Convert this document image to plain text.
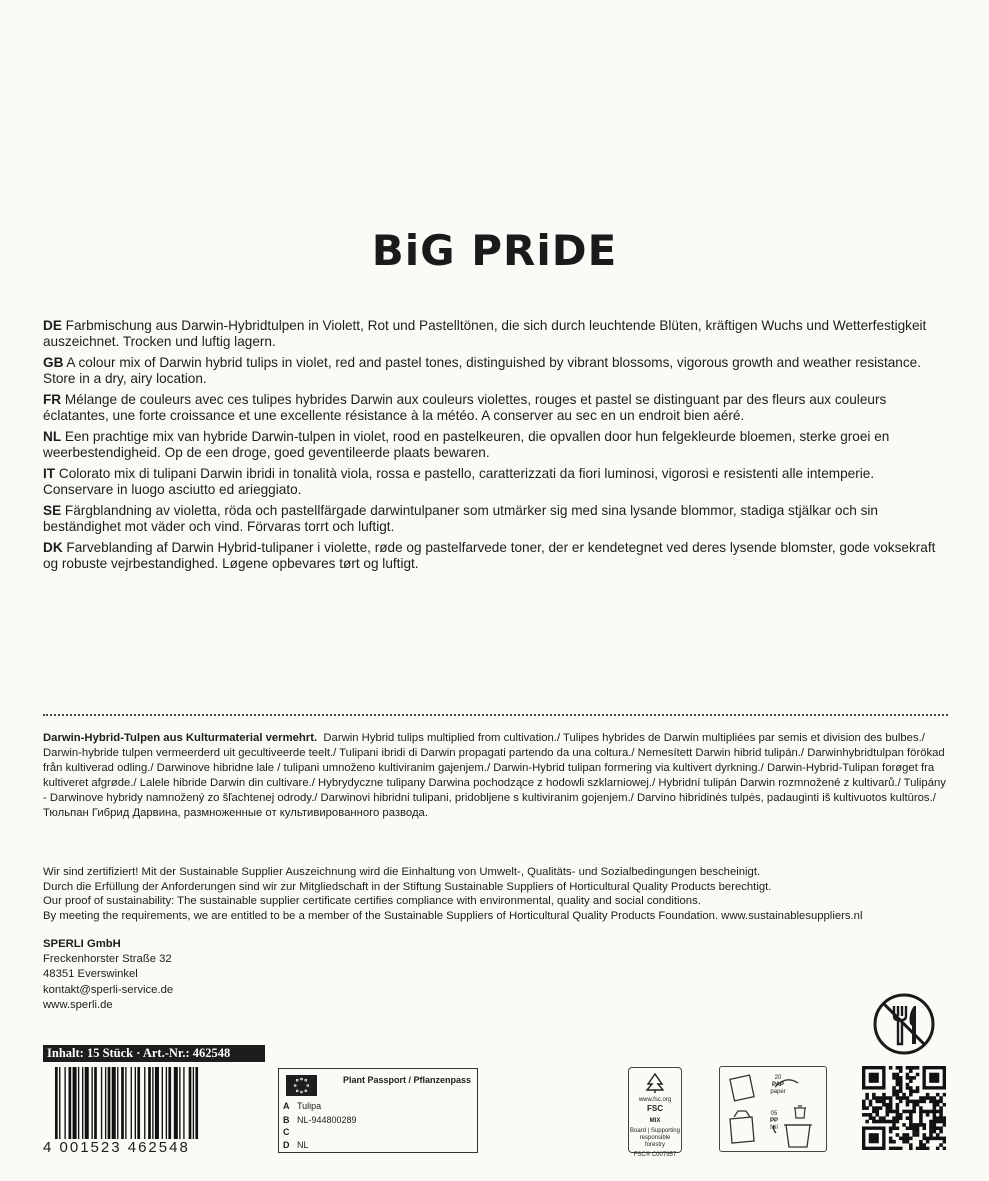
BiG PRiDE

DE Farbmischung aus Darwin-Hybridtulpen in Violett, Rot und Pastelltönen, die sich durch leuchtende Blüten, kräftigen Wuchs und Wetterfestigkeit auszeichnet. Trocken und luftig lagern.

GB A colour mix of Darwin hybrid tulips in violet, red and pastel tones, distinguished by vibrant blossoms, vigorous growth and weather resistance. Store in a dry, airy location.

FR Mélange de couleurs avec ces tulipes hybrides Darwin aux couleurs violettes, rouges et pastel se distinguant par des fleurs aux couleurs éclatantes, une forte croissance et une excellente résistance à la météo. A conserver au sec en un endroit bien aéré.

NL Een prachtige mix van hybride Darwin-tulpen in violet, rood en pastelkeuren, die opvallen door hun felgekleurde bloemen, sterke groei en weerbestendigheid. Op de een droge, goed geventileerde plaats bewaren.

IT Colorato mix di tulipani Darwin ibridi in tonalità viola, rossa e pastello, caratterizzati da fiori luminosi, vigorosi e resistenti alle intemperie. Conservare in luogo asciutto ed arieggiato.

SE Färgblandning av violetta, röda och pastellfärgade darwintulpaner som utmärker sig med sina lysande blommor, stadiga stjälkar och sin beständighet mot väder och vind. Förvaras torrt och luftigt.

DK Farveblanding af Darwin Hybrid-tulipaner i violette, røde og pastelfarvede toner, der er kendetegnet ved deres lysende blomster, gode voksekraft og robuste vejrbestandighed. Løgene opbevares tørt og luftigt.

Darwin-Hybrid-Tulpen aus Kulturmaterial vermehrt. Darwin Hybrid tulips multiplied from cultivation./ Tulipes hybrides de Darwin multipliées par semis et division des bulbes./ Darwin-hybride tulpen vermeerderd uit gecultiveerde teelt./ Tulipani ibridi di Darwin propagati partendo da una coltura./ Nemesített Darwin hibrid tulipán./ Darwinhybridtulpan förökad från kultiverad odling./ Darwinove hibridne lale / tulipani umnoženo kultiviranim gajenjem./ Darwin-Hybrid tulipan formering via kultivert dyrkning./ Darwin-Hybrid-Tulipan forøget fra kultiveret afgrøde./ Lalele hibride Darwin din cultivare./ Hybrydyczne tulipany Darwina pochodzące z hodowli szklarniowej./ Hybridní tulipán Darwin rozmnožené z kultivarů./ Tulipány - Darwinove hybridy namnožený zo šľachtenej odrody./ Darwinovi hibridni tulipani, pridobljene s kultiviranim gojenjem./ Darvino hibridinės tulpės, padauginti iš kultivuotos kultūros./ Тюльпан Гибрид Дарвина, размноженные от культивированного развода.
Wir sind zertifiziert! Mit der Sustainable Supplier Auszeichnung wird die Einhaltung von Umwelt-, Qualitäts- und Sozialbedingungen bescheinigt.
Durch die Erfüllung der Anforderungen sind wir zur Mitgliedschaft in der Stiftung Sustainable Suppliers of Horticultural Quality Products berechtigt.
Our proof of sustainability: The sustainable supplier certificate certifies compliance with environmental, quality and social conditions.
By meeting the requirements, we are entitled to be a member of the Sustainable Suppliers of Horticultural Quality Products Foundation. www.sustainablesuppliers.nl
SPERLI GmbH
Freckenhorster Straße 32
48351 Everswinkel
kontakt@sperli-service.de
www.sperli.de
Inhalt: 15 Stück · Art.-Nr.: 462548
4 001523 462548
Plant Passport / Pflanzenpass
A Tulipa
B NL-944800289
C
D NL
www.fsc.org
FSC
MIX
Board | Supporting responsible forestry
FSC® C007957
20
PAP
paper
05
PP
foil
